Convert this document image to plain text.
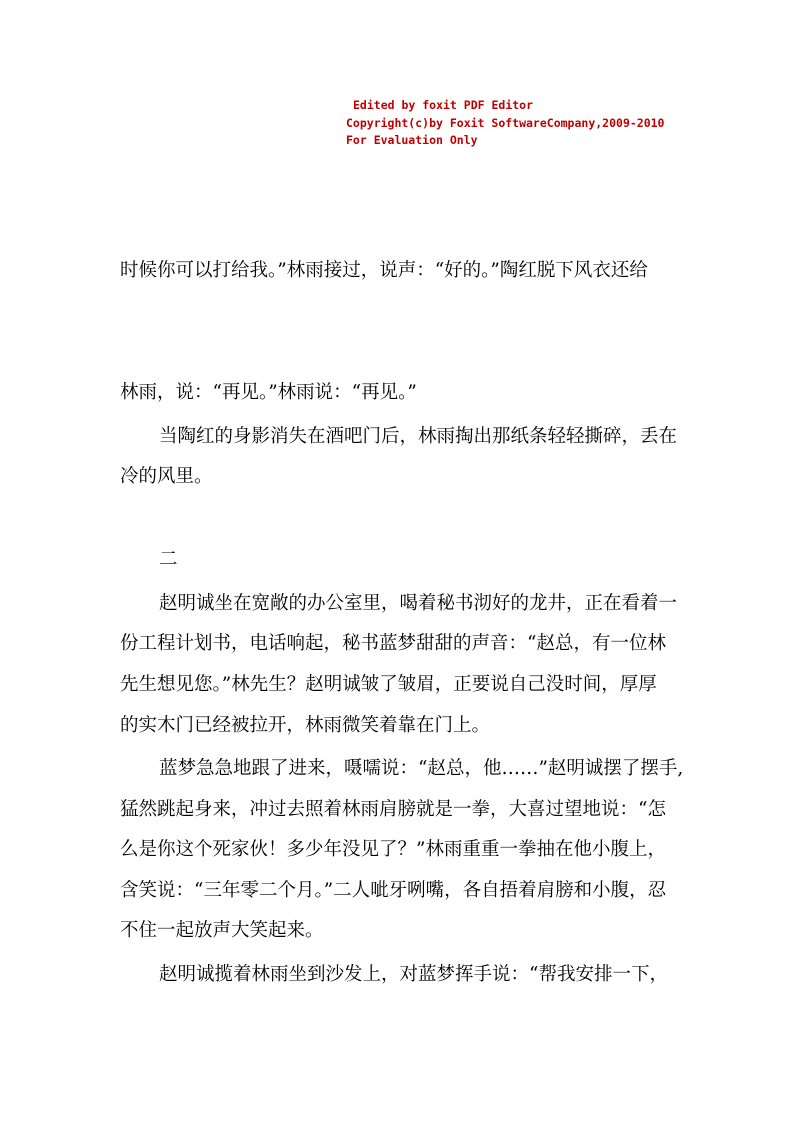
Edited by foxit PDF Editor
Copyright(c)by Foxit SoftwareCompany,2009-2010
For Evaluation Only
时候你可以打给我。”林雨接过，说声：“好的。”陶红脱下风衣还给
林雨，说：“再见。”林雨说：“再见。”
当陶红的身影消失在酒吧门后，林雨掏出那纸条轻轻撕碎，丢在
冷的风里。
二
赵明诚坐在宽敞的办公室里，喝着秘书沏好的龙井，正在看着一
份工程计划书，电话响起，秘书蓝梦甜甜的声音：“赵总，有一位林
先生想见您。”林先生？赵明诚皱了皱眉，正要说自己没时间，厚厚
的实木门已经被拉开，林雨微笑着靠在门上。
蓝梦急急地跟了进来，嗫嚅说：“赵总，他……”赵明诚摆了摆手,
猛然跳起身来，冲过去照着林雨肩膀就是一拳，大喜过望地说：“怎
么是你这个死家伙！多少年没见了？”林雨重重一拳抽在他小腹上，
含笑说：“三年零二个月。”二人呲牙咧嘴，各自捂着肩膀和小腹，忍
不住一起放声大笑起来。
赵明诚揽着林雨坐到沙发上，对蓝梦挥手说：“帮我安排一下，
